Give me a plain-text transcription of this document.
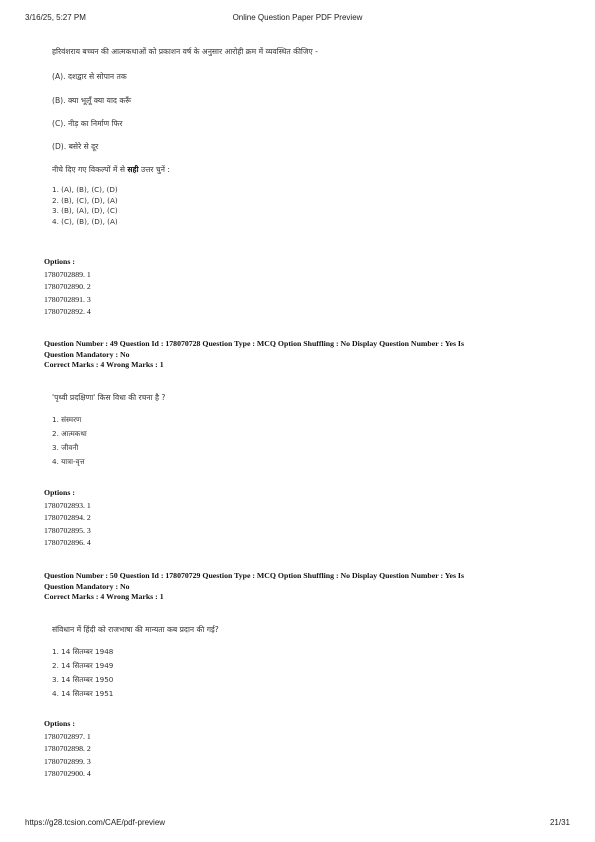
3/16/25, 5:27 PM	Online Question Paper PDF Preview
हरिवंशराय बच्चन की आत्मकथाओं को प्रकाशन वर्ष के अनुसार आरोही क्रम में व्यवस्थित कीजिए -
(A). दशद्वार से सोपान तक
(B). क्या भूलूँ क्या याद करूँ
(C). नीड़ का निर्माण फिर
(D). बसेरे से दूर
नीचे दिए गए विकल्पों में से सही उत्तर चुनें :
1. (A), (B), (C), (D)
2. (B), (C), (D), (A)
3. (B), (A), (D), (C)
4. (C), (B), (D), (A)
Options :
1780702889. 1
1780702890. 2
1780702891. 3
1780702892. 4
Question Number : 49 Question Id : 178070728 Question Type : MCQ Option Shuffling : No Display Question Number : Yes Is
Question Mandatory : No
Correct Marks : 4 Wrong Marks : 1
'पृथ्वी प्रदक्षिणा' किस विधा की रचना है ?
1. संस्मरण
2. आत्मकथा
3. जीवनी
4. यात्रा-वृत्त
Options :
1780702893. 1
1780702894. 2
1780702895. 3
1780702896. 4
Question Number : 50 Question Id : 178070729 Question Type : MCQ Option Shuffling : No Display Question Number : Yes Is
Question Mandatory : No
Correct Marks : 4 Wrong Marks : 1
संविधान में हिंदी को राजभाषा की मान्यता कब प्रदान की गई?
1. 14 सितम्बर 1948
2. 14 सितम्बर 1949
3. 14 सितम्बर 1950
4. 14 सितम्बर 1951
Options :
1780702897. 1
1780702898. 2
1780702899. 3
1780702900. 4
https://g28.tcsion.com/CAE/pdf-preview	21/31
